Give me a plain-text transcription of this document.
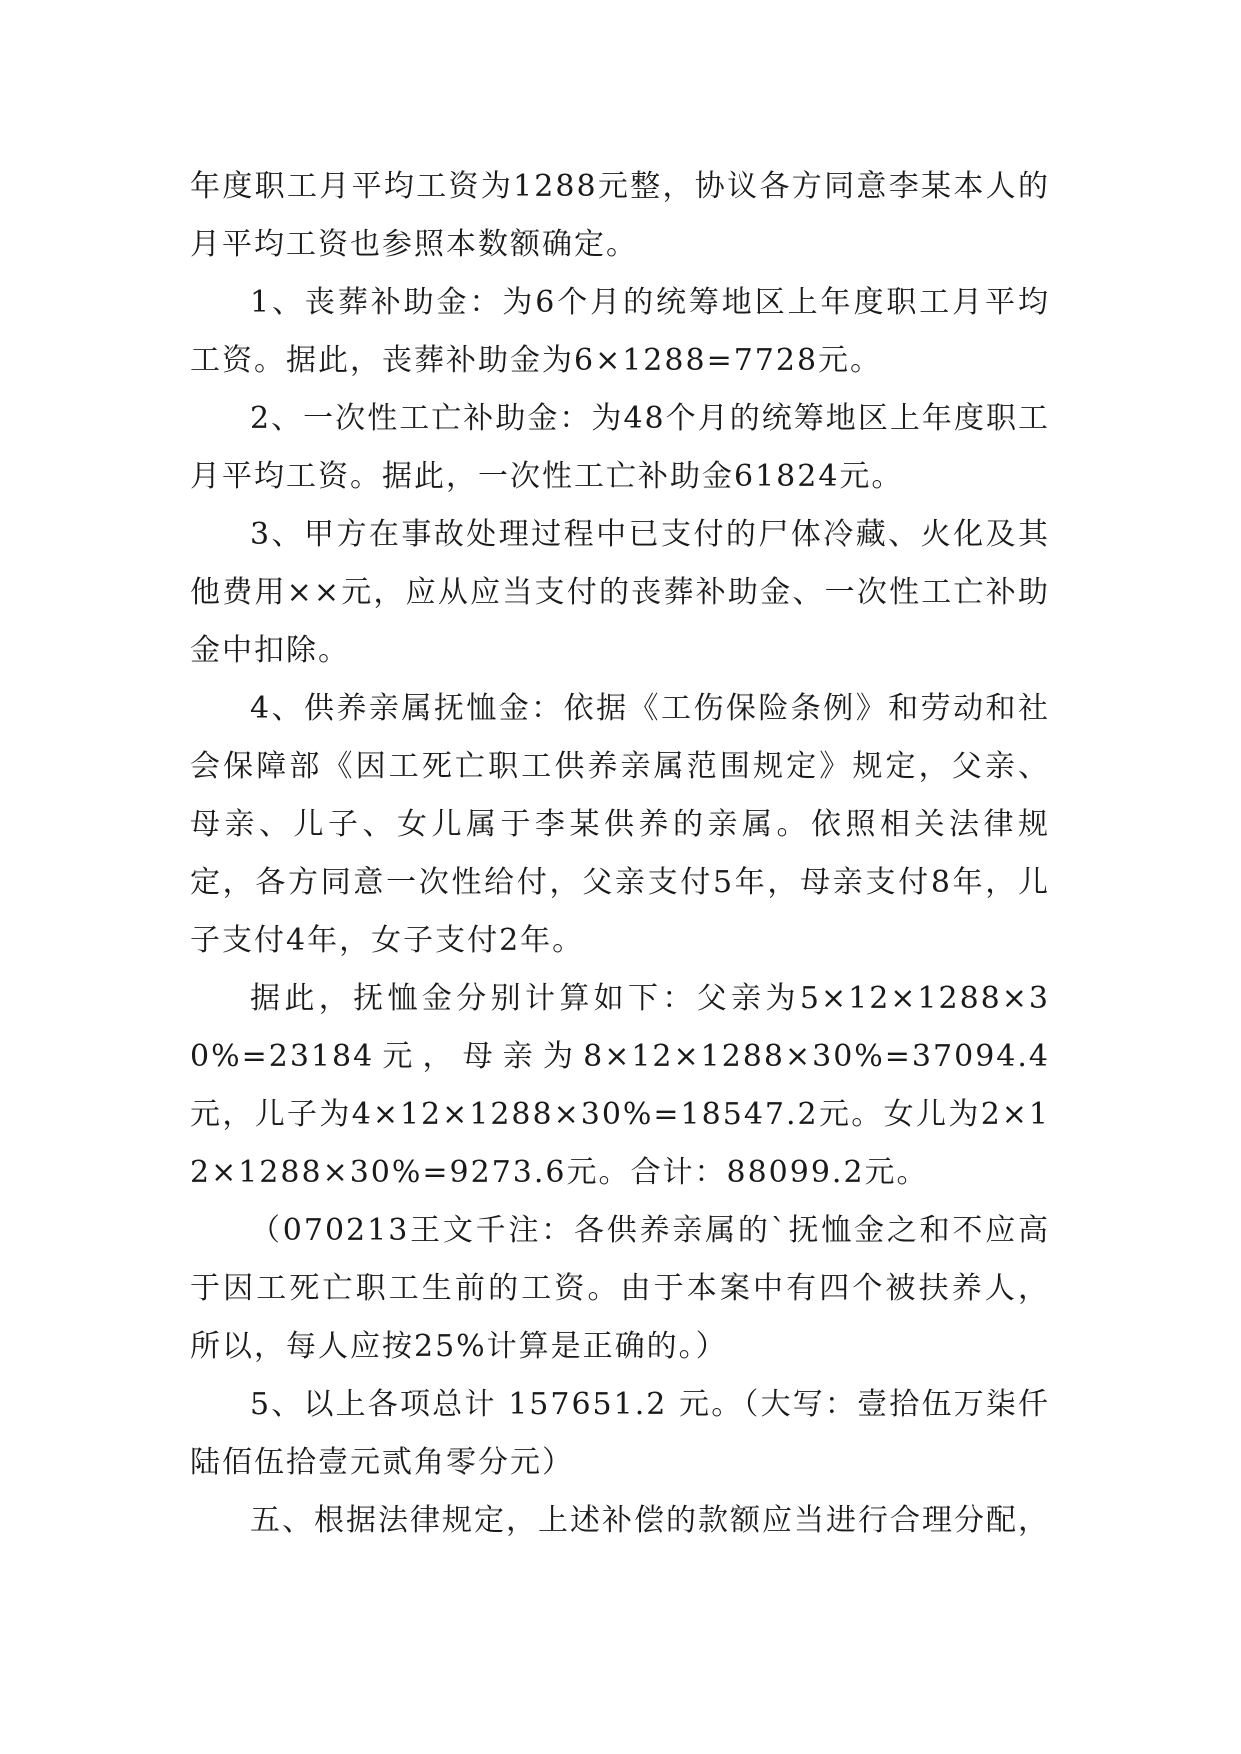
年度职工月平均工资为1288元整，协议各方同意李某本人的月平均工资也参照本数额确定。

1、丧葬补助金：为6个月的统筹地区上年度职工月平均工资。据此，丧葬补助金为6×1288=7728元。

2、一次性工亡补助金：为48个月的统筹地区上年度职工月平均工资。据此，一次性工亡补助金61824元。

3、甲方在事故处理过程中已支付的尸体冷藏、火化及其他费用××元，应从应当支付的丧葬补助金、一次性工亡补助金中扣除。

4、供养亲属抚恤金：依据《工伤保险条例》和劳动和社会保障部《因工死亡职工供养亲属范围规定》规定，父亲、母亲、儿子、女儿属于李某供养的亲属。依照相关法律规定，各方同意一次性给付，父亲支付5年，母亲支付8年，儿子支付4年，女子支付2年。

据此，抚恤金分别计算如下：父亲为5×12×1288×30%=23184元，母亲为8×12×1288×30%=37094.4元，儿子为4×12×1288×30%=18547.2元。女儿为2×12×1288×30%=9273.6元。合计：88099.2元。

（070213王文千注：各供养亲属的`抚恤金之和不应高于因工死亡职工生前的工资。由于本案中有四个被扶养人，所以，每人应按25%计算是正确的。）

5、以上各项总计 157651.2 元。（大写：壹拾伍万柒仟陆佰伍拾壹元贰角零分元）

五、根据法律规定，上述补偿的款额应当进行合理分配，
